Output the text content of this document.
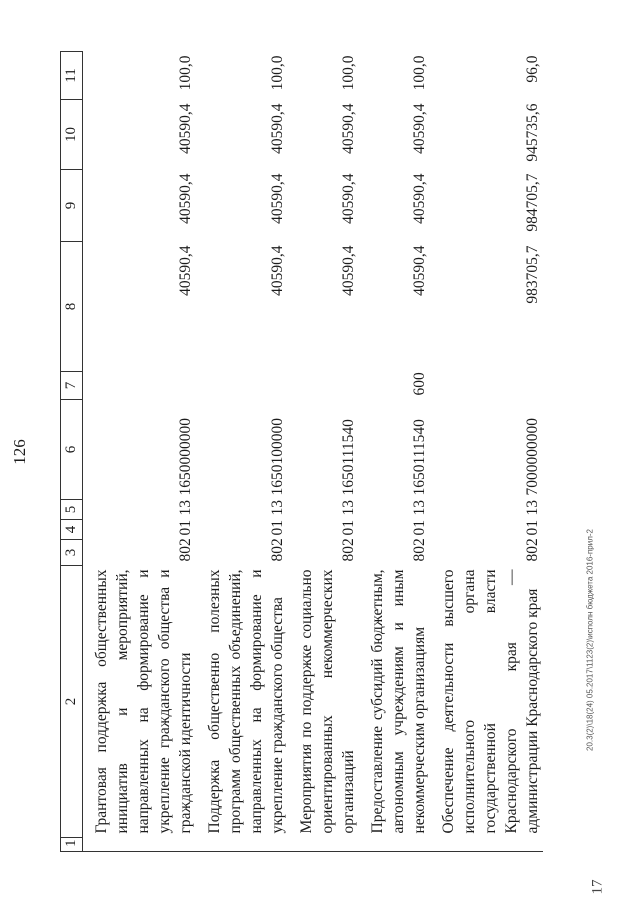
126
17
20.3(2)\18(24) 05.2017\1123(2)\исполн бюджета 2016-прил-2
1	2	3	4	5	6	7	8	9	10	11
	Грантовая поддержка общественных инициатив и мероприятий, направленных на формирование и укрепление гражданского общества и гражданской идентичности	802	01	13	1650000000		40590,4	40590,4	40590,4	100,0
	Поддержка общественно полезных программ общественных объединений, направленных на формирование и укрепление гражданского общества	802	01	13	1650100000		40590,4	40590,4	40590,4	100,0
	Мероприятия по поддержке социально ориентированных некоммерческих организаций	802	01	13	1650111540		40590,4	40590,4	40590,4	100,0
	Предоставление субсидий бюджетным, автономным учреждениям и иным некоммерческим организациям	802	01	13	1650111540	600	40590,4	40590,4	40590,4	100,0
	Обеспечение деятельности высшего исполнительного органа государственной власти Краснодарского края — администрации Краснодарского края	802	01	13	7000000000		983705,7	984705,7	945735,6	96,0
